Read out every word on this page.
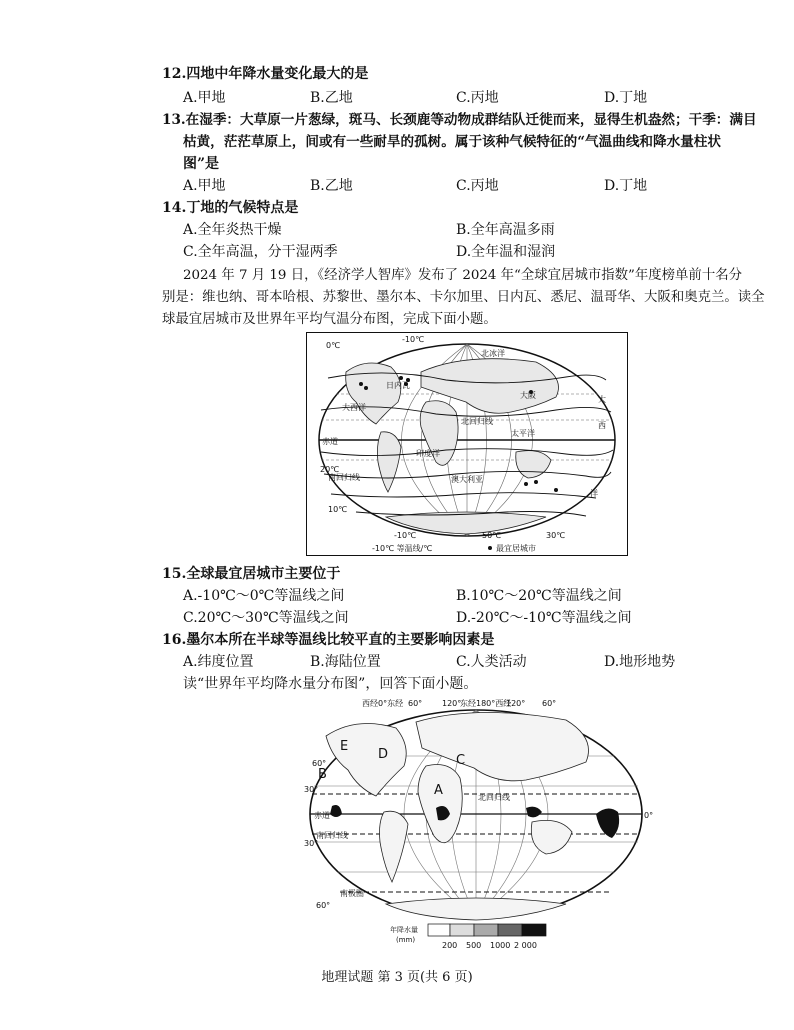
12.四地中年降水量变化最大的是
A.甲地	B.乙地	C.丙地	D.丁地
13.在湿季：大草原一片葱绿，斑马、长颈鹿等动物成群结队迁徙而来，显得生机盎然；干季：满目
枯黄，茫茫草原上，间或有一些耐旱的孤树。属于该种气候特征的“气温曲线和降水量柱状
图”是
A.甲地	B.乙地	C.丙地	D.丁地
14.丁地的气候特点是
A.全年炎热干燥	B.全年高温多雨
C.全年高温，分干湿两季	D.全年温和湿润
2024 年 7 月 19 日，《经济学人智库》发布了 2024 年“全球宜居城市指数”年度榜单前十名分
别是：维也纳、哥本哈根、苏黎世、墨尔本、卡尔加里、日内瓦、悉尼、温哥华、大阪和奥克兰。读全
球最宜居城市及世界年平均气温分布图，完成下面小题。
-10℃
0℃
北冰洋
日内瓦
大阪
大西洋
北回归线
太平洋
赤道
印度洋
20℃
南回归线	澳大利亚
大
西
洋
10℃
-10℃	50℃	30℃
-10℃ 等温线/℃	最宜居城市
15.全球最宜居城市主要位于
A.-10℃～0℃等温线之间	B.10℃～20℃等温线之间
C.20℃～30℃等温线之间	D.-20℃～-10℃等温线之间
16.墨尔本所在半球等温线比较平直的主要影响因素是
A.纬度位置	B.海陆位置	C.人类活动	D.地形地势
读“世界年平均降水量分布图”，回答下面小题。
西经0°东经 60° 120°
东经180°西经
120° 60°
60°
30°
0°
30°
60°
赤道
北回归线
南回归线
南极圈
A
B
C
D
E
年降水量
(mm)
200 500 1000 2 000
地理试题 第 3 页(共 6 页)
